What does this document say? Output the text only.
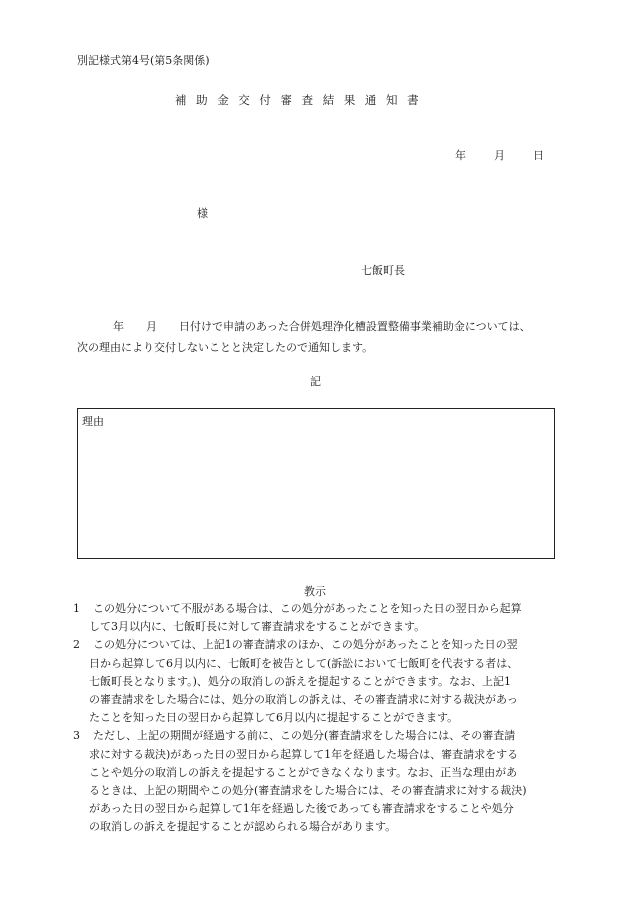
別記様式第4号(第5条関係)
補助金交付審査結果通知書
年　　月　　日
様
七飯町長
年　　月　　日付けで申請のあった合併処理浄化槽設置整備事業補助金については、
次の理由により交付しないことと決定したので通知します。
記
理由
教示
1	この処分について不服がある場合は、この処分があったことを知った日の翌日から起算
して3月以内に、七飯町長に対して審査請求をすることができます。
2	この処分については、上記1の審査請求のほか、この処分があったことを知った日の翌
日から起算して6月以内に、七飯町を被告として(訴訟において七飯町を代表する者は、
七飯町長となります。)、処分の取消しの訴えを提起することができます。なお、上記1
の審査請求をした場合には、処分の取消しの訴えは、その審査請求に対する裁決があっ
たことを知った日の翌日から起算して6月以内に提起することができます。
3	ただし、上記の期間が経過する前に、この処分(審査請求をした場合には、その審査請
求に対する裁決)があった日の翌日から起算して1年を経過した場合は、審査請求をする
ことや処分の取消しの訴えを提起することができなくなります。なお、正当な理由があ
るときは、上記の期間やこの処分(審査請求をした場合には、その審査請求に対する裁決)
があった日の翌日から起算して1年を経過した後であっても審査請求をすることや処分
の取消しの訴えを提起することが認められる場合があります。
